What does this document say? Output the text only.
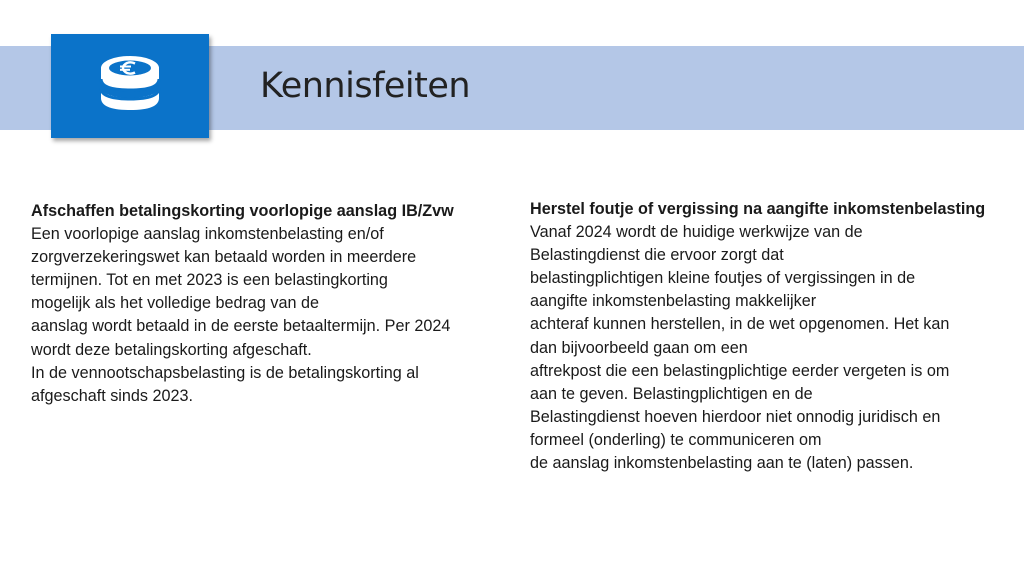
Kennisfeiten
Afschaffen betalingskorting voorlopige aanslag IB/Zvw
Een voorlopige aanslag inkomstenbelasting en/of
zorgverzekeringswet kan betaald worden in meerdere
termijnen. Tot en met 2023 is een belastingkorting
mogelijk als het volledige bedrag van de
aanslag wordt betaald in de eerste betaaltermijn. Per 2024
wordt deze betalingskorting afgeschaft.
In de vennootschapsbelasting is de betalingskorting al
afgeschaft sinds 2023.
Herstel foutje of vergissing na aangifte inkomstenbelasting
Vanaf 2024 wordt de huidige werkwijze van de
Belastingdienst die ervoor zorgt dat
belastingplichtigen kleine foutjes of vergissingen in de
aangifte inkomstenbelasting makkelijker
achteraf kunnen herstellen, in de wet opgenomen. Het kan
dan bijvoorbeeld gaan om een
aftrekpost die een belastingplichtige eerder vergeten is om
aan te geven. Belastingplichtigen en de
Belastingdienst hoeven hierdoor niet onnodig juridisch en
formeel (onderling) te communiceren om
de aanslag inkomstenbelasting aan te (laten) passen.
